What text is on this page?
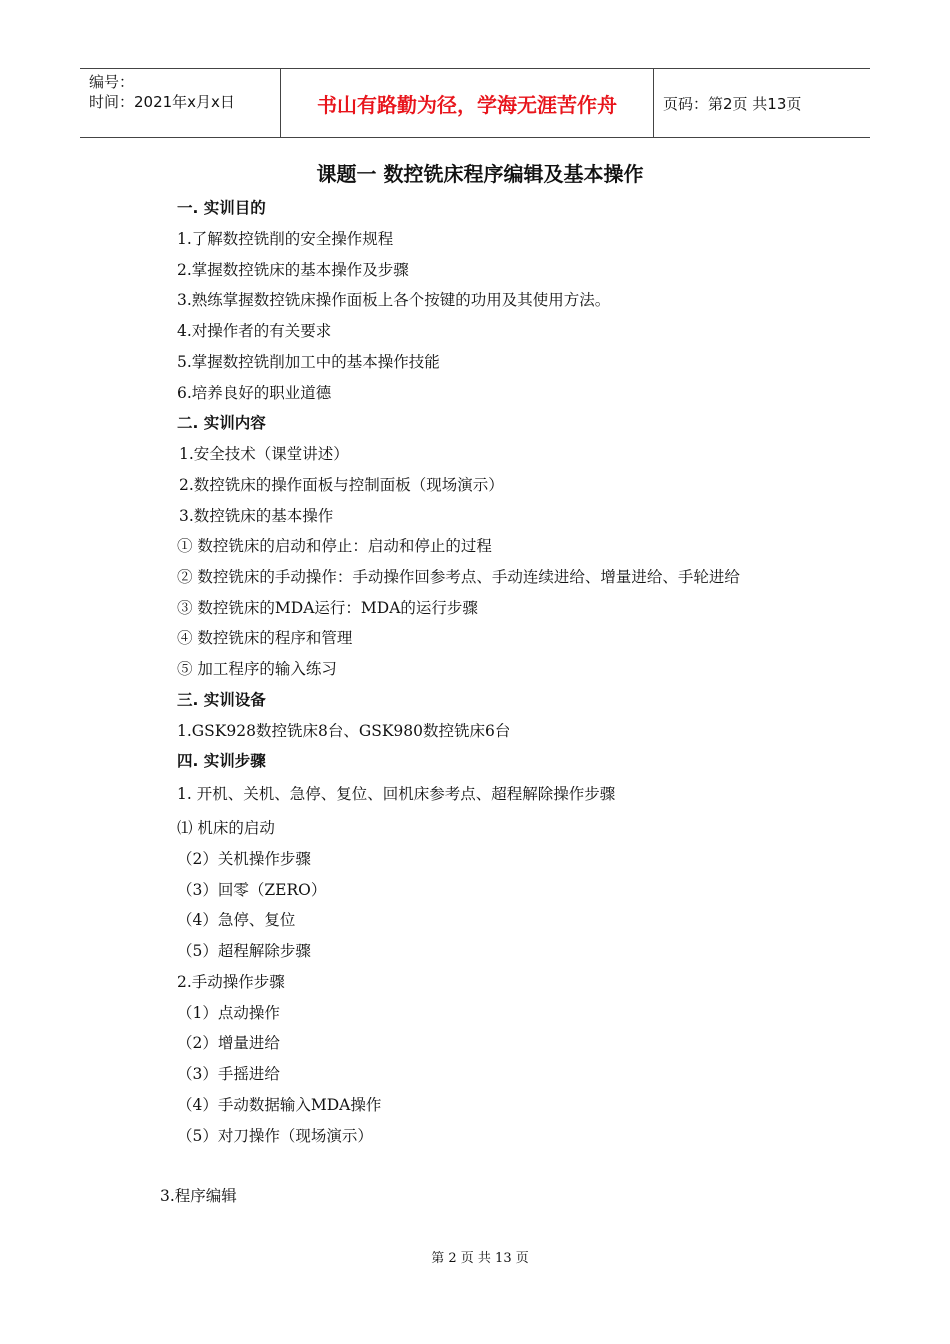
编号：
时间：2021年x月x日	书山有路勤为径，学海无涯苦作舟	页码：第2页 共13页
课题一 数控铣床程序编辑及基本操作
一. 实训目的
1.了解数控铣削的安全操作规程
2.掌握数控铣床的基本操作及步骤
3.熟练掌握数控铣床操作面板上各个按键的功用及其使用方法。
4.对操作者的有关要求
5.掌握数控铣削加工中的基本操作技能
6.培养良好的职业道德
二. 实训内容
1.安全技术（课堂讲述）
2.数控铣床的操作面板与控制面板（现场演示）
3.数控铣床的基本操作
① 数控铣床的启动和停止：启动和停止的过程
② 数控铣床的手动操作：手动操作回参考点、手动连续进给、增量进给、手轮进给
③ 数控铣床的MDA运行：MDA的运行步骤
④ 数控铣床的程序和管理
⑤ 加工程序的输入练习
三. 实训设备
1.GSK928数控铣床8台、GSK980数控铣床6台
四. 实训步骤
1. 开机、关机、急停、复位、回机床参考点、超程解除操作步骤
⑴ 机床的启动
（2）关机操作步骤
（3）回零（ZERO）
（4）急停、复位
（5）超程解除步骤
2.手动操作步骤
（1）点动操作
（2）增量进给
（3）手摇进给
（4）手动数据输入MDA操作
（5）对刀操作（现场演示）
3.程序编辑
第 2 页 共 13 页
